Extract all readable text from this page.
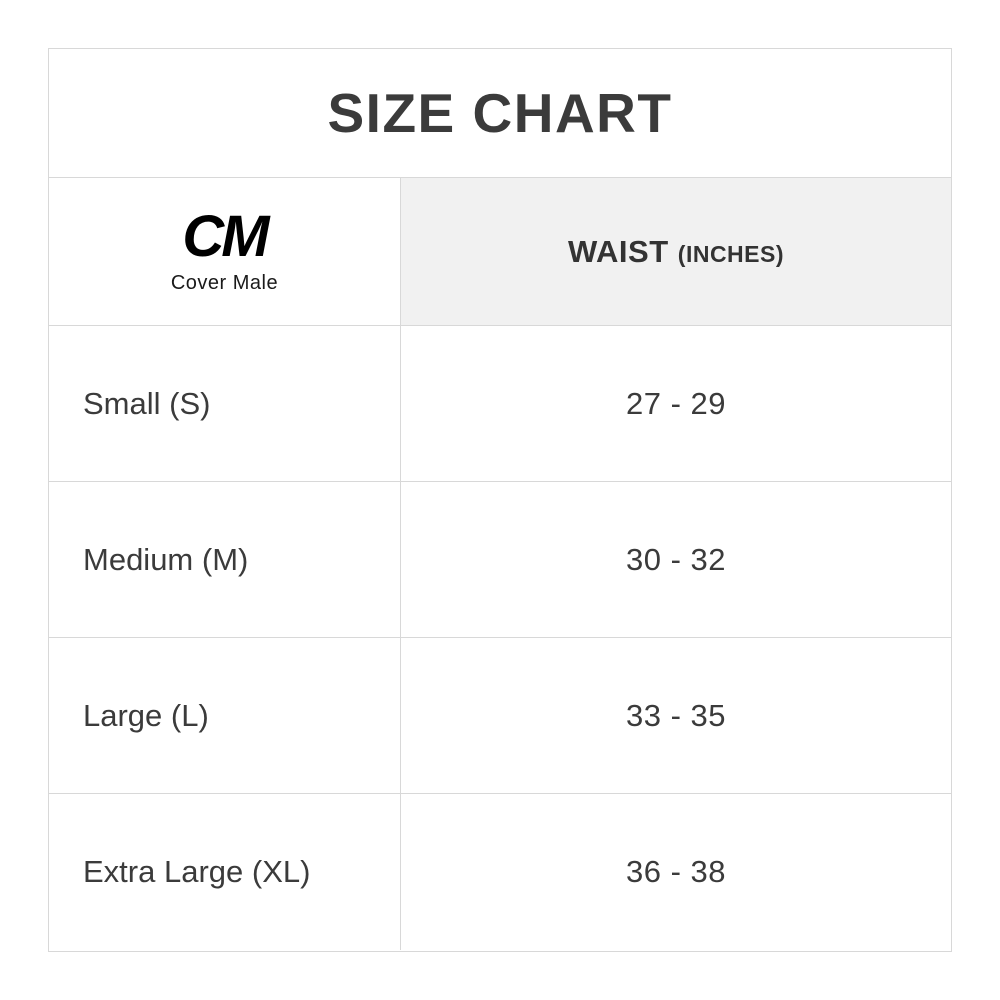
SIZE CHART
CM
Cover Male
WAIST (INCHES)
Small (S)	27 - 29
Medium (M)	30 - 32
Large (L)	33 - 35
Extra Large (XL)	36 - 38
